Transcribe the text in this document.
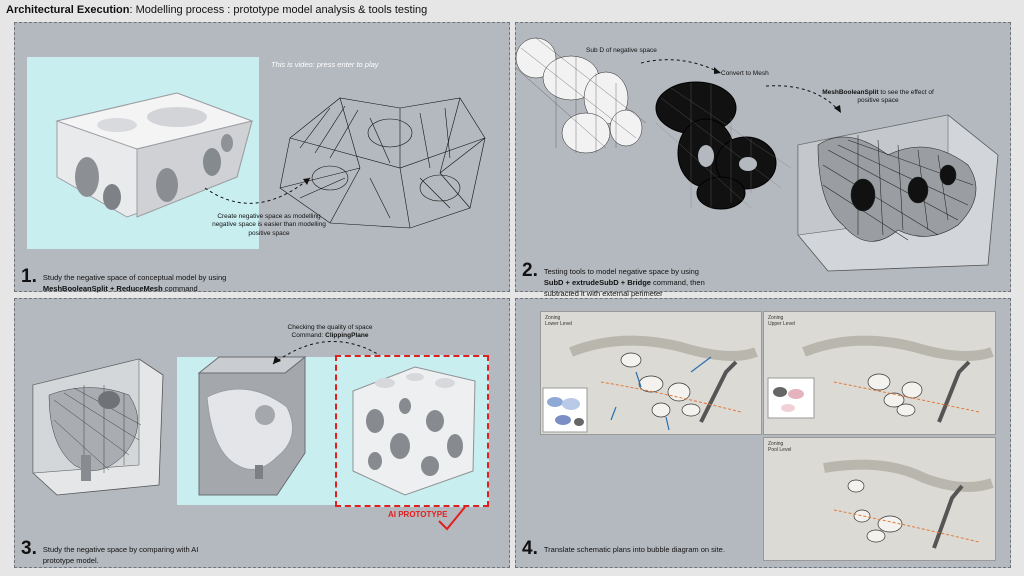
Architectural Execution: Modelling process : prototype model analysis & tools testing
This is video: press enter to play
Create negative space as modelling negative space is easier than modelling positive space
1. Study the negative space of conceptual model by using
MeshBooleanSplit + ReduceMesh command
Sub D of negative space
Convert to Mesh
MeshBooleanSplit to see the effect of positive space
2. Testing tools to model negative space by using
SubD + extrudeSubD + Bridge command, then
subtracted it with external perimeter
Checking the quality of space
Command: ClippingPlane
AI PROTOTYPE
3. Study the negative space by comparing with AI
prototype model.
Zoning
Lower Level
Zoning
Upper Level
Zoning
Pool Level
4. Translate schematic plans into bubble diagram on site.
